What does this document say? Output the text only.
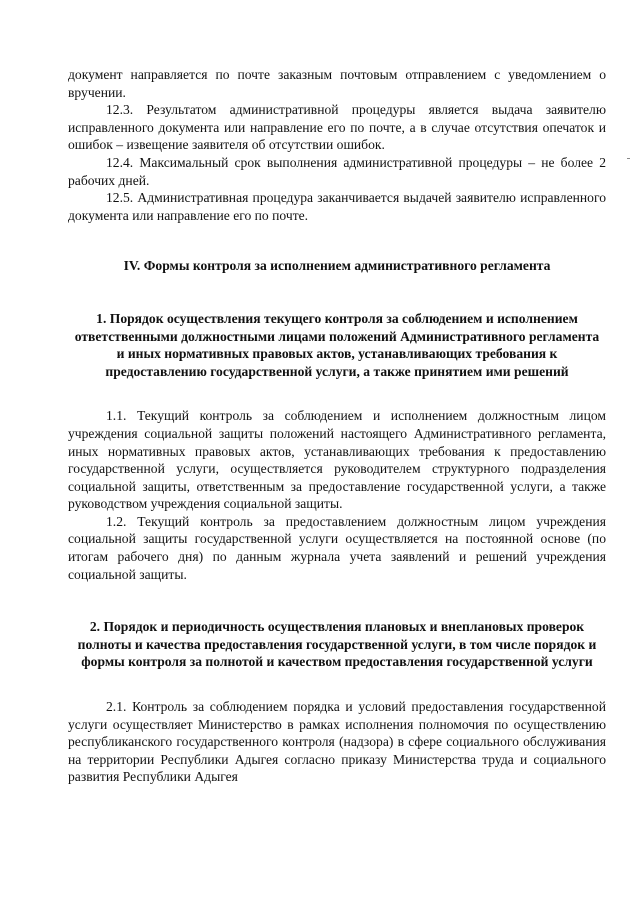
документ направляется по почте заказным почтовым отправлением с уведомлением о вручении.

12.3. Результатом административной процедуры является выдача заявителю исправленного документа или направление его по почте, а в случае отсутствия опечаток и ошибок – извещение заявителя об отсутствии ошибок.

12.4. Максимальный срок выполнения административной процедуры – не более 2 рабочих дней.

12.5. Административная процедура заканчивается выдачей заявителю исправленного документа или направление его по почте.

IV. Формы контроля за исполнением административного регламента

1. Порядок осуществления текущего контроля за соблюдением и исполнением ответственными должностными лицами положений Административного регламента и иных нормативных правовых актов, устанавливающих требования к предоставлению государственной услуги, а также принятием ими решений

1.1. Текущий контроль за соблюдением и исполнением должностным лицом учреждения социальной защиты положений настоящего Административного регламента, иных нормативных правовых актов, устанавливающих требования к предоставлению государственной услуги, осуществляется руководителем структурного подразделения социальной защиты, ответственным за предоставление государственной услуги, а также руководством учреждения социальной защиты.

1.2. Текущий контроль за предоставлением должностным лицом учреждения социальной защиты государственной услуги осуществляется на постоянной основе (по итогам рабочего дня) по данным журнала учета заявлений и решений учреждения социальной защиты.

2. Порядок и периодичность осуществления плановых и внеплановых проверок полноты и качества предоставления государственной услуги, в том числе порядок и формы контроля за полнотой и качеством предоставления государственной услуги

2.1. Контроль за соблюдением порядка и условий предоставления государственной услуги осуществляет Министерство в рамках исполнения полномочия по осуществлению республиканского государственного контроля (надзора) в сфере социального обслуживания на территории Республики Адыгея согласно приказу Министерства труда и социального развития Республики Адыгея
